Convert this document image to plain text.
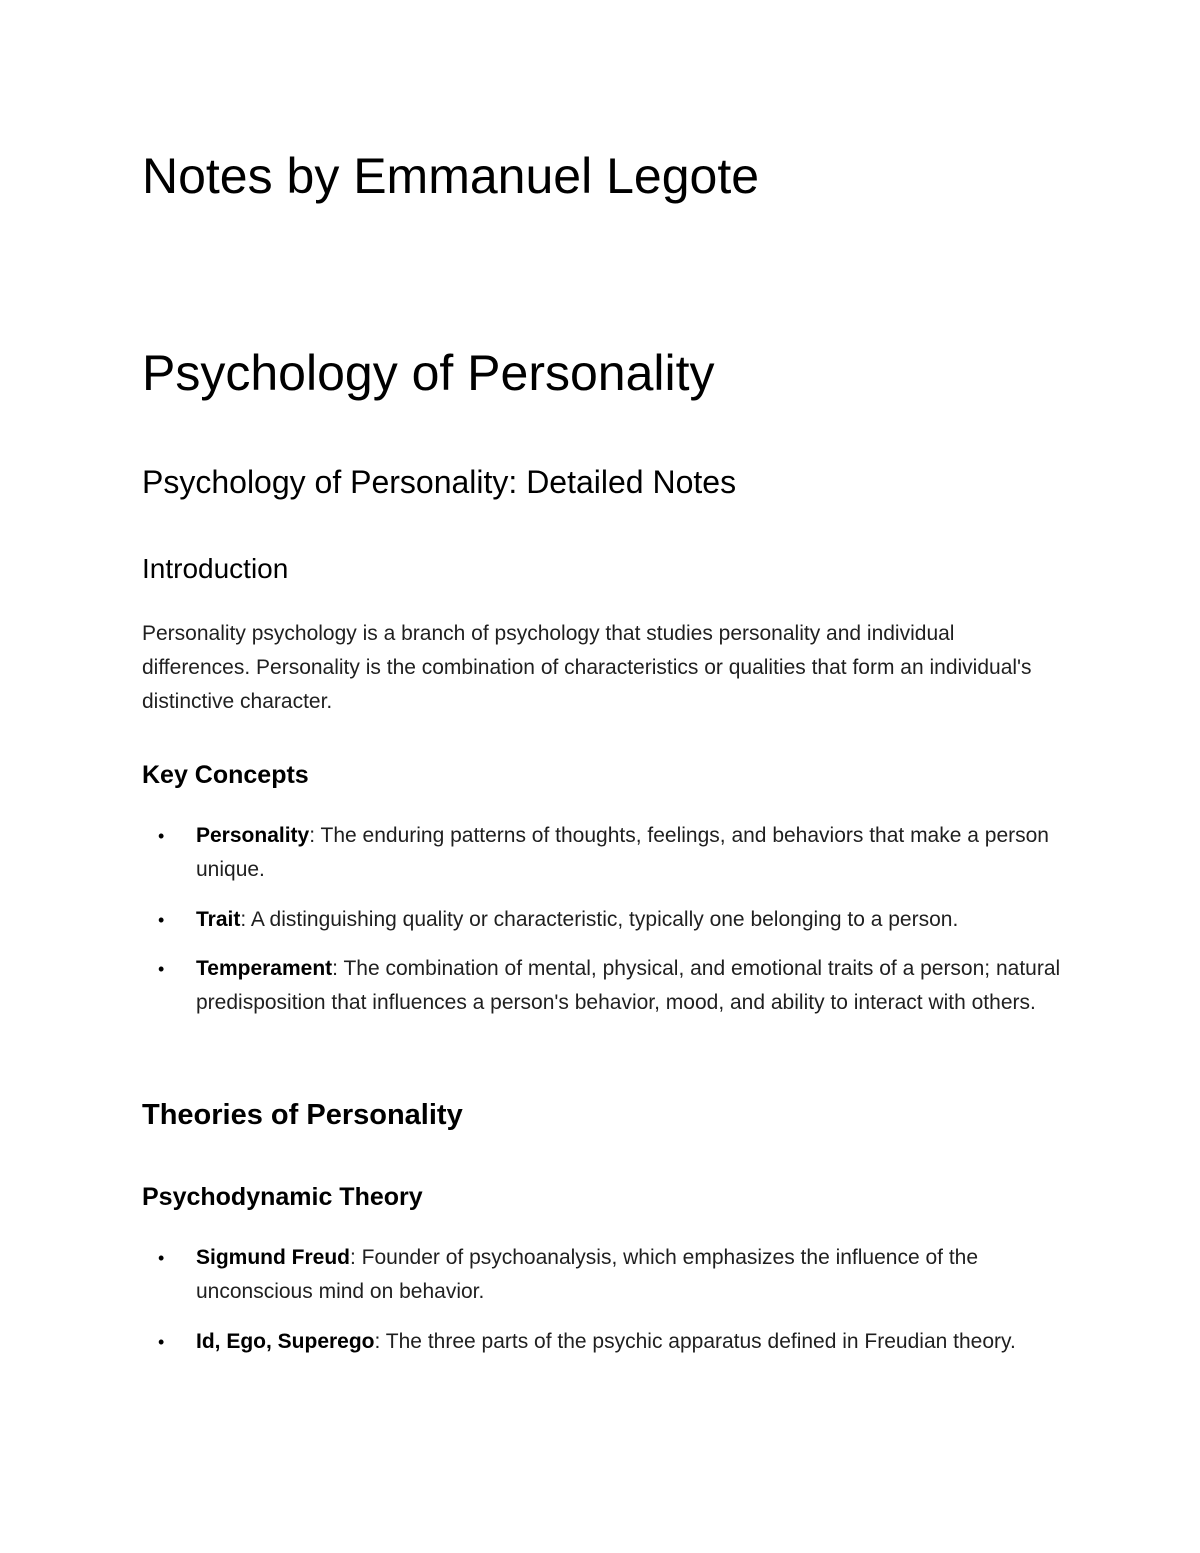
Notes by Emmanuel Legote
Psychology of Personality
Psychology of Personality: Detailed Notes
Introduction

Personality psychology is a branch of psychology that studies personality and individual differences. Personality is the combination of characteristics or qualities that form an individual's distinctive character.

Key Concepts
• Personality: The enduring patterns of thoughts, feelings, and behaviors that make a person unique.
• Trait: A distinguishing quality or characteristic, typically one belonging to a person.
• Temperament: The combination of mental, physical, and emotional traits of a person; natural predisposition that influences a person's behavior, mood, and ability to interact with others.
Theories of Personality
Psychodynamic Theory
• Sigmund Freud: Founder of psychoanalysis, which emphasizes the influence of the unconscious mind on behavior.
• Id, Ego, Superego: The three parts of the psychic apparatus defined in Freudian theory.
